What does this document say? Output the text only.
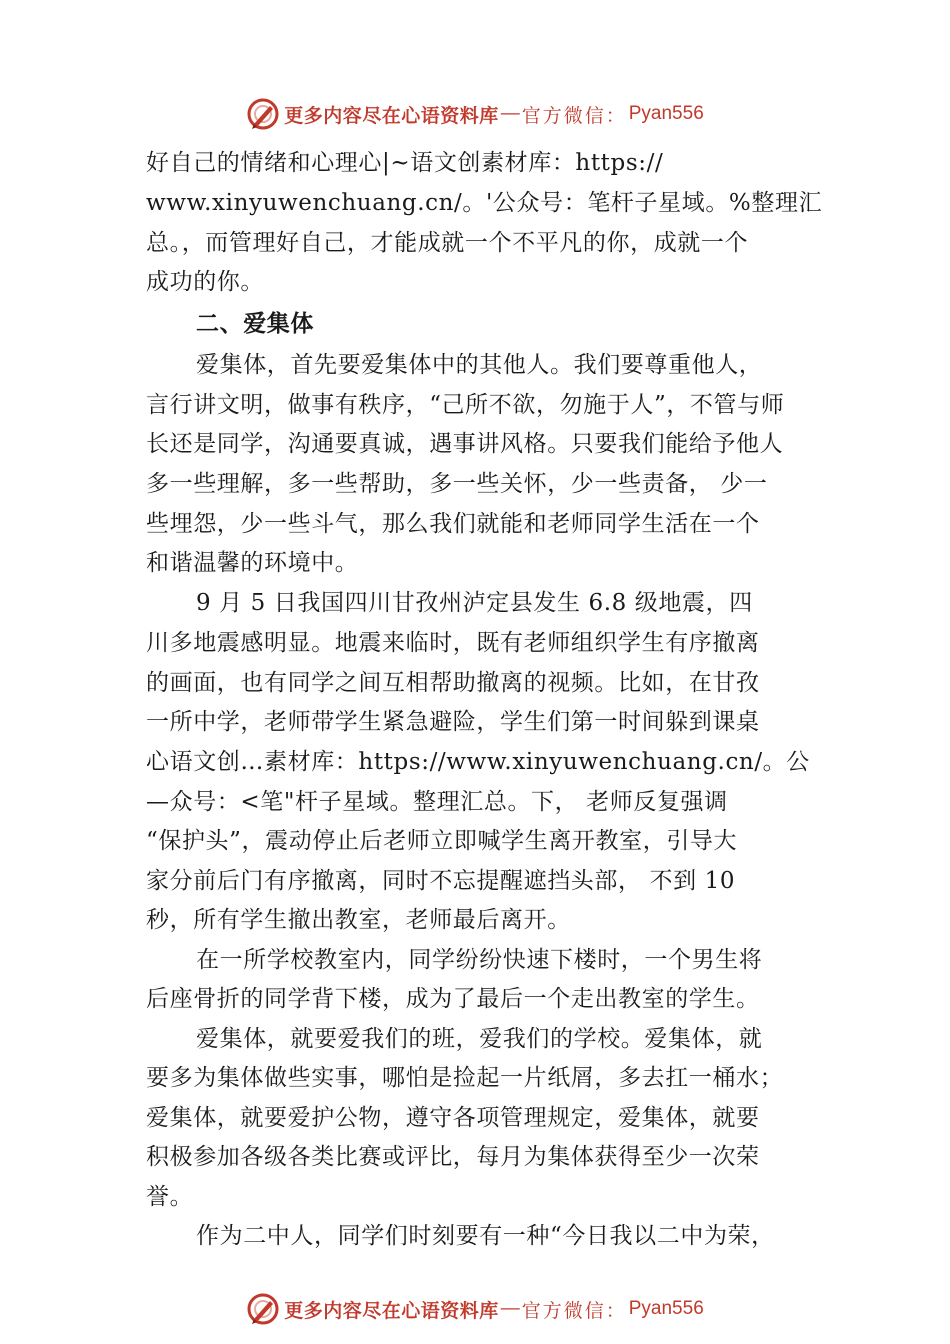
更多内容尽在心语资料库 — 官方微信： Pyan556
好自己的情绪和心理心|~语文创素材库：https://
www.xinyuwenchuang.cn/。'公众号：笔杆子星域。%整理汇
总。，而管理好自己，才能成就一个不平凡的你，成就一个
成功的你。
二、爱集体
爱集体，首先要爱集体中的其他人。我们要尊重他人，
言行讲文明，做事有秩序，“己所不欲，勿施于人”，不管与师
长还是同学，沟通要真诚，遇事讲风格。只要我们能给予他人
多一些理解，多一些帮助，多一些关怀，少一些责备， 少一
些埋怨，少一些斗气，那么我们就能和老师同学生活在一个
和谐温馨的环境中。
9 月 5 日我国四川甘孜州泸定县发生 6.8 级地震，四
川多地震感明显。地震来临时，既有老师组织学生有序撤离
的画面，也有同学之间互相帮助撤离的视频。比如，在甘孜
一所中学，老师带学生紧急避险，学生们第一时间躲到课桌
心语文创…素材库：https://www.xinyuwenchuang.cn/。公
—众号：<笔"杆子星域。整理汇总。下， 老师反复强调
“保护头”，震动停止后老师立即喊学生离开教室，引导大
家分前后门有序撤离，同时不忘提醒遮挡头部， 不到 10
秒，所有学生撤出教室，老师最后离开。
在一所学校教室内，同学纷纷快速下楼时，一个男生将
后座骨折的同学背下楼，成为了最后一个走出教室的学生。
爱集体，就要爱我们的班，爱我们的学校。爱集体，就
要多为集体做些实事，哪怕是捡起一片纸屑，多去扛一桶水；
爱集体，就要爱护公物，遵守各项管理规定，爱集体，就要
积极参加各级各类比赛或评比，每月为集体获得至少一次荣
誉。
作为二中人，同学们时刻要有一种“今日我以二中为荣，
更多内容尽在心语资料库 — 官方微信： Pyan556
